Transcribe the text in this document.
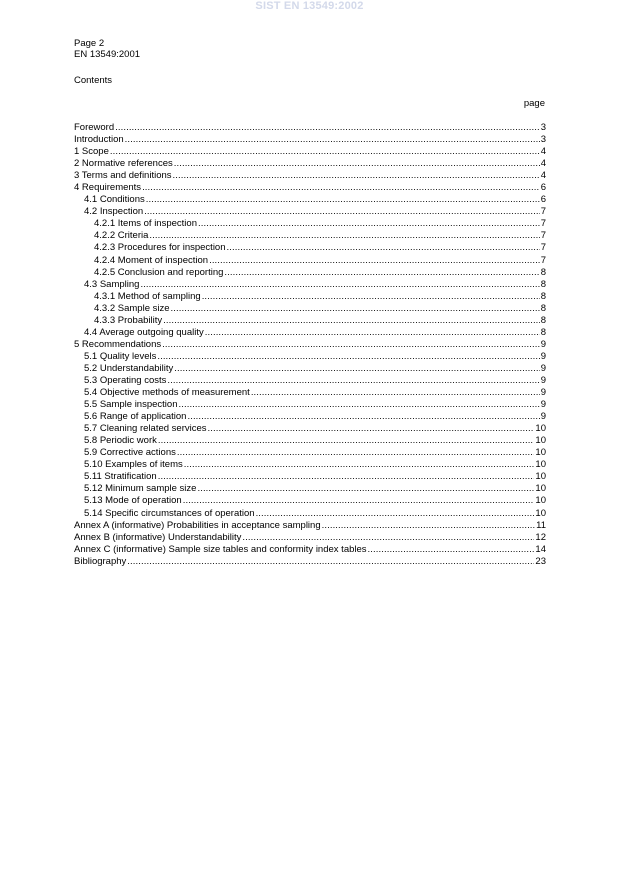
SIST EN 13549:2002
Page 2
EN 13549:2001
Contents
page
Foreword .....	3
Introduction .....	3
1 Scope .....	4
2 Normative references .....	4
3 Terms and definitions .....	4
4 Requirements .....	6
4.1 Conditions .....	6
4.2 Inspection .....	7
4.2.1 Items of inspection .....	7
4.2.2 Criteria .....	7
4.2.3 Procedures for inspection .....	7
4.2.4 Moment of inspection .....	7
4.2.5 Conclusion and reporting .....	8
4.3 Sampling .....	8
4.3.1 Method of sampling .....	8
4.3.2 Sample size .....	8
4.3.3 Probability .....	8
4.4 Average outgoing quality .....	8
5 Recommendations .....	9
5.1 Quality levels .....	9
5.2 Understandability .....	9
5.3 Operating costs .....	9
5.4 Objective methods of measurement .....	9
5.5 Sample inspection .....	9
5.6 Range of application .....	9
5.7 Cleaning related services .....	10
5.8 Periodic work .....	10
5.9 Corrective actions .....	10
5.10 Examples of items .....	10
5.11 Stratification .....	10
5.12 Minimum sample size .....	10
5.13 Mode of operation .....	10
5.14 Specific circumstances of operation .....	10
Annex A (informative) Probabilities in acceptance sampling .....	11
Annex B (informative) Understandability .....	12
Annex C (informative) Sample size tables and conformity index tables .....	14
Bibliography .....	23
